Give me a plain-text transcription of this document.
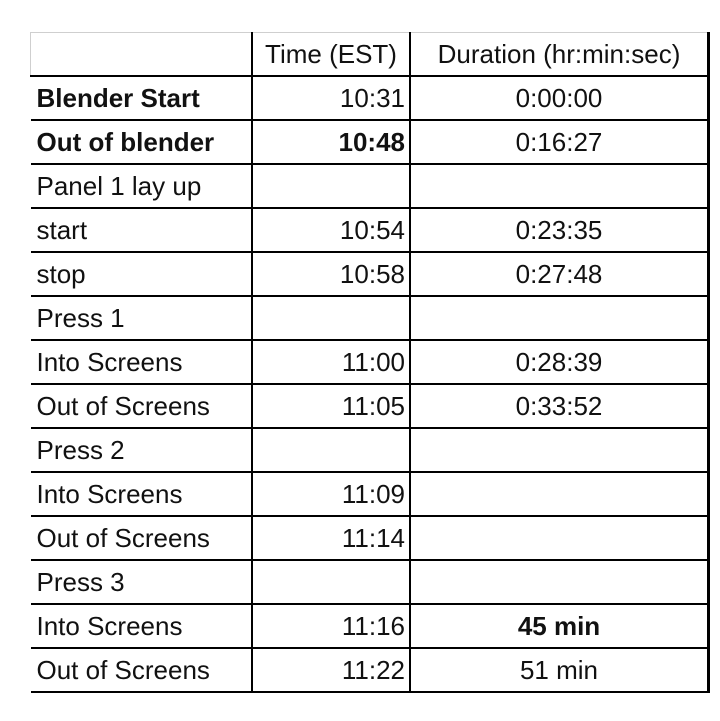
	Time (EST)	Duration (hr:min:sec)
Blender Start	10:31	0:00:00
Out of blender	10:48	0:16:27
Panel 1 lay up		
start	10:54	0:23:35
stop	10:58	0:27:48
Press 1		
Into Screens	11:00	0:28:39
Out of Screens	11:05	0:33:52
Press 2		
Into Screens	11:09	
Out of Screens	11:14	
Press 3		
Into Screens	11:16	45 min
Out of Screens	11:22	51 min
